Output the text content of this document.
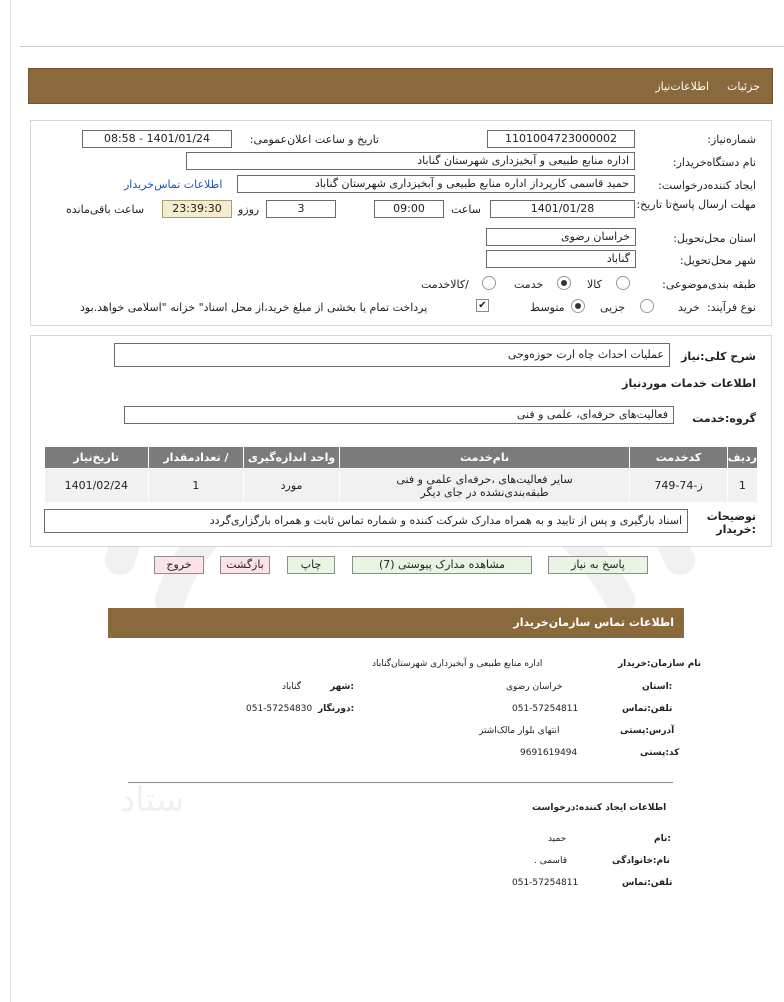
جزئیات
اطلاعات‌نیاز
شماره‌نیاز:
1101004723000002
تاریخ و ساعت اعلان‌عمومی:
1401/01/24 - 08:58
نام دستگاه‌خریدار:
اداره منابع طبیعی و آبخیزداری شهرستان گناباد
ایجاد کننده‌درخواست:
حمید قاسمی کارپرداز اداره منابع طبیعی و آبخیزداری شهرستان گناباد
اطلاعات تماس‌خریدار
مهلت ارسال پاسخ‌تا تاریخ:
1401/01/28
ساعت
09:00
3
روزو
23:39:30
ساعت باقی‌مانده
استان محل‌تحویل:
خراسان رضوی
شهر محل‌تحویل:
گناباد
طبقه بندی‌موضوعی:
کالا
خدمت
/کالاخدمت
نوع فرآیند:
خرید
جزیی
متوسط
✔
پرداخت تمام یا بخشی از مبلغ خرید،از محل اسناد" خزانه "اسلامی خواهد.بود
شرح کلی:نیاز
عملیات احداث چاه ارت حوزه‌وجی
اطلاعات خدمات موردنیاز
گروه:خدمت
فعالیت‌های حرفه‌ای، علمی و فنی
ردیف	کدخدمت	نام‌خدمت	واحد اندازه‌گیری	/ تعدادمقدار	تاریخ‌نیاز
1	ز-74-749	سایر فعالیت‌های ،حرفه‌ای علمی و فنی طبقه‌بندی‌نشده در جای دیگر	مورد	1	1401/02/24
توضیحات :خریدار
اسناد بارگیری و پس از تایید و به همراه مدارک شرکت کننده و شماره تماس ثابت و همراه بارگزاری‌گردد
پاسخ به نیاز
مشاهده مدارک پیوستی (7)
چاپ
بازگشت
خروج
اطلاعات تماس سازمان‌خریدار
نام سازمان:خریدار
اداره منابع طبیعی و آبخیزداری شهرستان‌گناباد
:استان
خراسان رضوی
:شهر
گناباد
تلفن:تماس
051-57254811
:دورنگار
051-57254830
آدرس:پستی
انتهای بلوار مالک‌اشتر
کد:پستی
9691619494
اطلاعات ایجاد کننده:درخواست
:نام
حمید
نام:خانوادگی
قاسمی .
تلفن:تماس
051-57254811
ستاد
